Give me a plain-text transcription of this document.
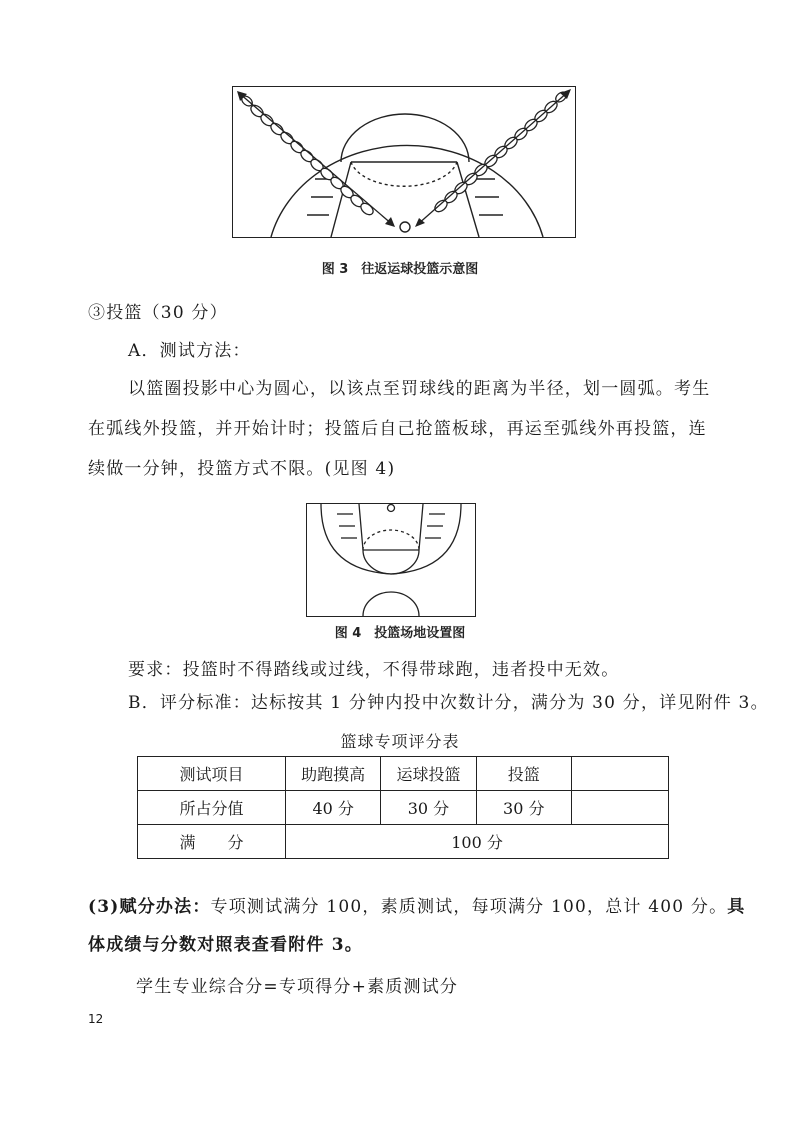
图 3　往返运球投篮示意图
③投篮（30 分）
A．测试方法：
以篮圈投影中心为圆心，以该点至罚球线的距离为半径，划一圆弧。考生
在弧线外投篮，并开始计时；投篮后自己抢篮板球，再运至弧线外再投篮，连
续做一分钟，投篮方式不限。(见图 4)
图 4　投篮场地设置图
要求：投篮时不得踏线或过线，不得带球跑，违者投中无效。
B．评分标准：达标按其 1 分钟内投中次数计分，满分为 30 分，详见附件 3。
篮球专项评分表
测试项目	助跑摸高	运球投篮	投篮	
所占分值	40 分	30 分	30 分	
满　　分	100 分			
(3)赋分办法：专项测试满分 100，素质测试，每项满分 100，总计 400 分。具
体成绩与分数对照表查看附件 3。
学生专业综合分=专项得分+素质测试分
12
